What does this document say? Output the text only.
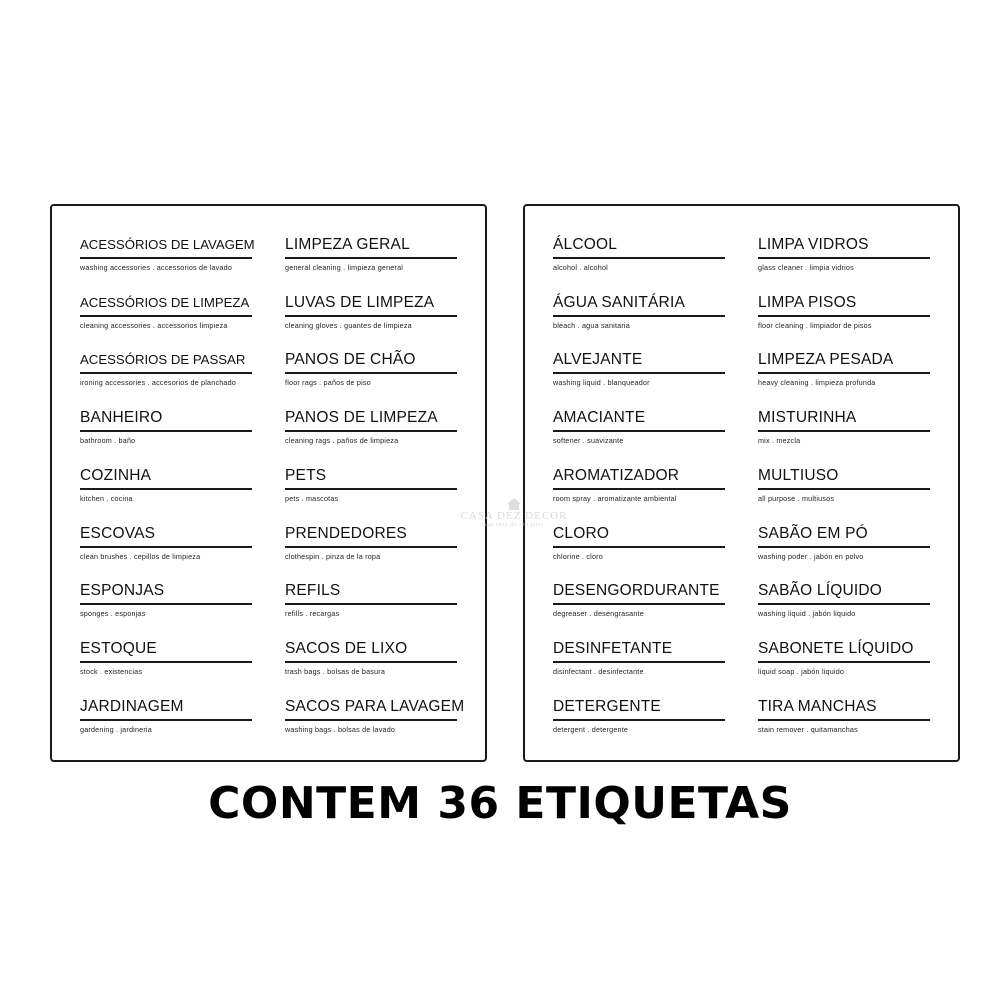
ACESSÓRIOS DE LAVAGEM
washing accessories . accessorios de lavado
ACESSÓRIOS DE LIMPEZA
cleaning accessories . accessorios limpieza
ACESSÓRIOS DE PASSAR
ironing accessories . accesorios de planchado
BANHEIRO
bathroom . baño
COZINHA
kitchen . cocina
ESCOVAS
clean brushes . cepillos de limpieza
ESPONJAS
sponges . esponjas
ESTOQUE
stock . existencias
JARDINAGEM
gardening . jardineria
LIMPEZA GERAL
general cleaning . limpieza general
LUVAS DE LIMPEZA
cleaning gloves . guantes de limpieza
PANOS DE CHÃO
floor rags . paños de piso
PANOS DE LIMPEZA
cleaning rags . paños de limpieza
PETS
pets . mascotas
PRENDEDORES
clothespin . pinza de la ropa
REFILS
refills . recargas
SACOS DE LIXO
trash bags . bolsas de basura
SACOS PARA LAVAGEM
washing bags . bolsas de lavado
ÁLCOOL
alcohol . alcohol
ÁGUA SANITÁRIA
bleach . agua sanitaria
ALVEJANTE
washing liquid . blanqueador
AMACIANTE
softener . suavizante
AROMATIZADOR
room spray . aromatizante ambiental
CLORO
chlorine . cloro
DESENGORDURANTE
degreaser . desengrasante
DESINFETANTE
disinfectant . desinfectante
DETERGENTE
detergent . detergente
LIMPA VIDROS
glass cleaner . limpia vidrios
LIMPA PISOS
floor cleaning . limpiador de pisos
LIMPEZA PESADA
heavy cleaning . limpieza profunda
MISTURINHA
mix . mezcla
MULTIUSO
all purpose . multiusos
SABÃO EM PÓ
washing poder . jabón en polvo
SABÃO LÍQUIDO
washing liquid . jabón liquido
SABONETE LÍQUIDO
liquid soap . jabón liquido
TIRA MANCHAS
stain remover . quitamanchas
CASA DEZ DECOR
sua casa do seu jeito
CONTEM 36 ETIQUETAS
